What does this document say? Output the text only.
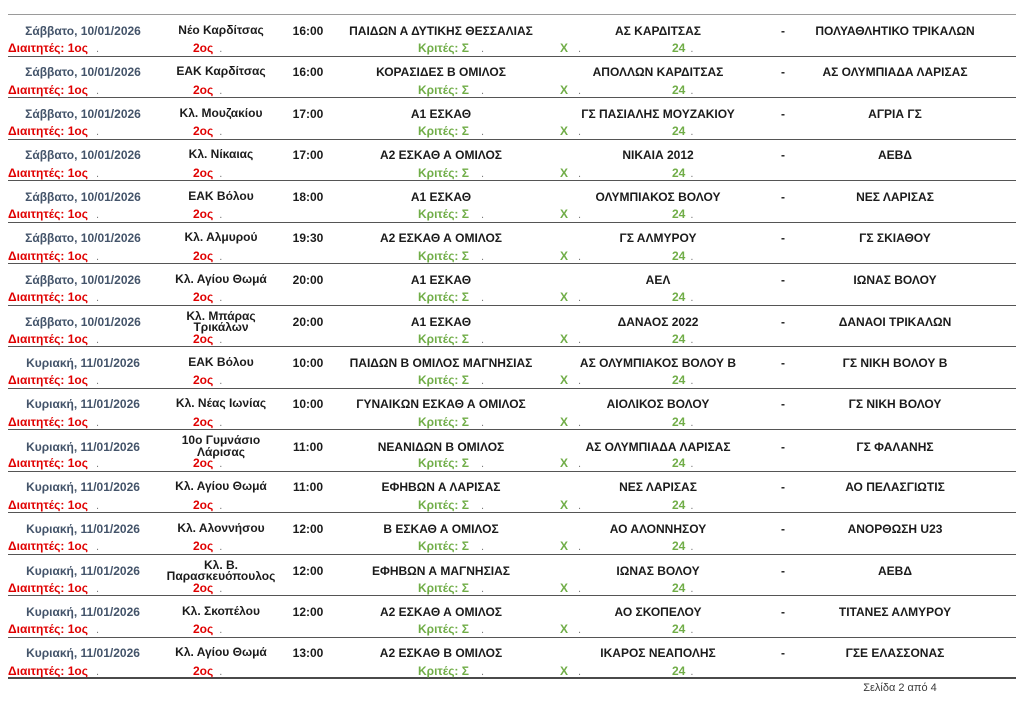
Σάββατο, 10/01/2026	Νέο Καρδίτσας	16:00	ΠΑΙΔΩΝ Α ΔΥΤΙΚΗΣ ΘΕΣΣΑΛΙΑΣ	ΑΣ ΚΑΡΔΙΤΣΑΣ	-	ΠΟΛΥΑΘΛΗΤΙΚΟ ΤΡΙΚΑΛΩΝ
Διαιτητές: 1ος .	2ος .	Κριτές: Σ .	Χ .	24 .
Σάββατο, 10/01/2026	ΕΑΚ Καρδίτσας	16:00	ΚΟΡΑΣΙΔΕΣ Β ΟΜΙΛΟΣ	ΑΠΟΛΛΩΝ ΚΑΡΔΙΤΣΑΣ	-	ΑΣ ΟΛΥΜΠΙΑΔΑ ΛΑΡΙΣΑΣ
Διαιτητές: 1ος .	2ος .	Κριτές: Σ .	Χ .	24 .
Σάββατο, 10/01/2026	Κλ. Μουζακίου	17:00	Α1 ΕΣΚΑΘ	ΓΣ ΠΑΣΙΑΛΗΣ ΜΟΥΖΑΚΙΟΥ	-	ΑΓΡΙΑ ΓΣ
Διαιτητές: 1ος .	2ος .	Κριτές: Σ .	Χ .	24 .
Σάββατο, 10/01/2026	Κλ. Νίκαιας	17:00	Α2 ΕΣΚΑΘ Α ΟΜΙΛΟΣ	ΝΙΚΑΙΑ 2012	-	ΑΕΒΔ
Διαιτητές: 1ος .	2ος .	Κριτές: Σ .	Χ .	24 .
Σάββατο, 10/01/2026	ΕΑΚ Βόλου	18:00	Α1 ΕΣΚΑΘ	ΟΛΥΜΠΙΑΚΟΣ ΒΟΛΟΥ	-	ΝΕΣ ΛΑΡΙΣΑΣ
Διαιτητές: 1ος .	2ος .	Κριτές: Σ .	Χ .	24 .
Σάββατο, 10/01/2026	Κλ. Αλμυρού	19:30	Α2 ΕΣΚΑΘ Α ΟΜΙΛΟΣ	ΓΣ ΑΛΜΥΡΟΥ	-	ΓΣ ΣΚΙΑΘΟΥ
Διαιτητές: 1ος .	2ος .	Κριτές: Σ .	Χ .	24 .
Σάββατο, 10/01/2026	Κλ. Αγίου Θωμά	20:00	Α1 ΕΣΚΑΘ	ΑΕΛ	-	ΙΩΝΑΣ ΒΟΛΟΥ
Διαιτητές: 1ος .	2ος .	Κριτές: Σ .	Χ .	24 .
Σάββατο, 10/01/2026	Κλ. Μπάρας Τρικάλων	20:00	Α1 ΕΣΚΑΘ	ΔΑΝΑΟΣ 2022	-	ΔΑΝΑΟΙ ΤΡΙΚΑΛΩΝ
Διαιτητές: 1ος .	2ος .	Κριτές: Σ .	Χ .	24 .
Κυριακή, 11/01/2026	ΕΑΚ Βόλου	10:00	ΠΑΙΔΩΝ Β ΟΜΙΛΟΣ ΜΑΓΝΗΣΙΑΣ	ΑΣ ΟΛΥΜΠΙΑΚΟΣ ΒΟΛΟΥ Β	-	ΓΣ ΝΙΚΗ ΒΟΛΟΥ Β
Διαιτητές: 1ος .	2ος .	Κριτές: Σ .	Χ .	24 .
Κυριακή, 11/01/2026	Κλ. Νέας Ιωνίας	10:00	ΓΥΝΑΙΚΩΝ ΕΣΚΑΘ Α ΟΜΙΛΟΣ	ΑΙΟΛΙΚΟΣ ΒΟΛΟΥ	-	ΓΣ ΝΙΚΗ ΒΟΛΟΥ
Διαιτητές: 1ος .	2ος .	Κριτές: Σ .	Χ .	24 .
Κυριακή, 11/01/2026	10ο Γυμνάσιο Λάρισας	11:00	ΝΕΑΝΙΔΩΝ Β ΟΜΙΛΟΣ	ΑΣ ΟΛΥΜΠΙΑΔΑ ΛΑΡΙΣΑΣ	-	ΓΣ ΦΑΛΑΝΗΣ
Διαιτητές: 1ος .	2ος .	Κριτές: Σ .	Χ .	24 .
Κυριακή, 11/01/2026	Κλ. Αγίου Θωμά	11:00	ΕΦΗΒΩΝ Α ΛΑΡΙΣΑΣ	ΝΕΣ ΛΑΡΙΣΑΣ	-	ΑΟ ΠΕΛΑΣΓΙΩΤΙΣ
Διαιτητές: 1ος .	2ος .	Κριτές: Σ .	Χ .	24 .
Κυριακή, 11/01/2026	Κλ. Αλοννήσου	12:00	Β ΕΣΚΑΘ Α ΟΜΙΛΟΣ	ΑΟ ΑΛΟΝΝΗΣΟΥ	-	ΑΝΟΡΘΩΣΗ U23
Διαιτητές: 1ος .	2ος .	Κριτές: Σ .	Χ .	24 .
Κυριακή, 11/01/2026	Κλ. Β. Παρασκευόπουλος	12:00	ΕΦΗΒΩΝ Α ΜΑΓΝΗΣΙΑΣ	ΙΩΝΑΣ ΒΟΛΟΥ	-	ΑΕΒΔ
Διαιτητές: 1ος .	2ος .	Κριτές: Σ .	Χ .	24 .
Κυριακή, 11/01/2026	Κλ. Σκοπέλου	12:00	Α2 ΕΣΚΑΘ Α ΟΜΙΛΟΣ	ΑΟ ΣΚΟΠΕΛΟΥ	-	ΤΙΤΑΝΕΣ ΑΛΜΥΡΟΥ
Διαιτητές: 1ος .	2ος .	Κριτές: Σ .	Χ .	24 .
Κυριακή, 11/01/2026	Κλ. Αγίου Θωμά	13:00	Α2 ΕΣΚΑΘ Β ΟΜΙΛΟΣ	ΙΚΑΡΟΣ ΝΕΑΠΟΛΗΣ	-	ΓΣΕ ΕΛΑΣΣΟΝΑΣ
Διαιτητές: 1ος .	2ος .	Κριτές: Σ .	Χ .	24 .
Σελίδα 2 από 4
